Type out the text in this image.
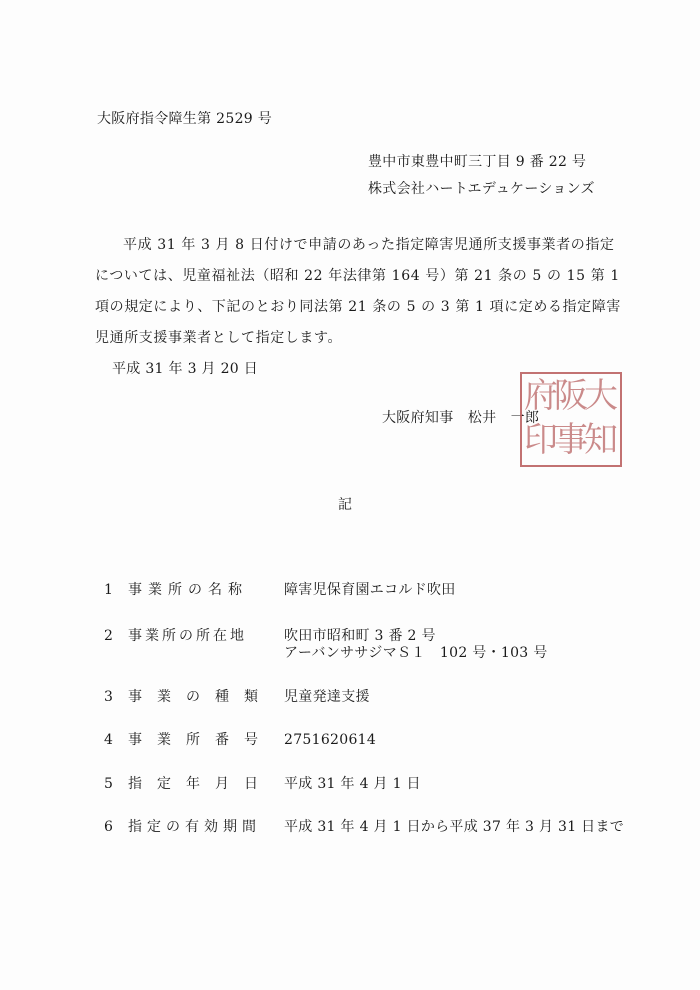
大阪府指令障生第 2529 号
豊中市東豊中町三丁目 9 番 22 号
株式会社ハートエデュケーションズ

平成 31 年 3 月 8 日付けで申請のあった指定障害児通所支援事業者の指定については、児童福祉法（昭和 22 年法律第 164 号）第 21 条の 5 の 15 第 1 項の規定により、下記のとおり同法第 21 条の 5 の 3 第 1 項に定める指定障害児通所支援事業者として指定します。

平成 31 年 3 月 20 日
大阪府知事　松井　一郎
大
阪
府
知
事
印
記
1 事業所の名称	障害児保育園エコルド吹田
2 事業所の所在地	吹田市昭和町 3 番 2 号
アーバンササジマＳ１　102 号・103 号
3 事　業　の　種　類 児童発達支援
4 事　業　所　番　号 2751620614
5 指　定　年　月　日 平成 31 年 4 月 1 日
6 指定の有効期間 平成 31 年 4 月 1 日から平成 37 年 3 月 31 日まで
